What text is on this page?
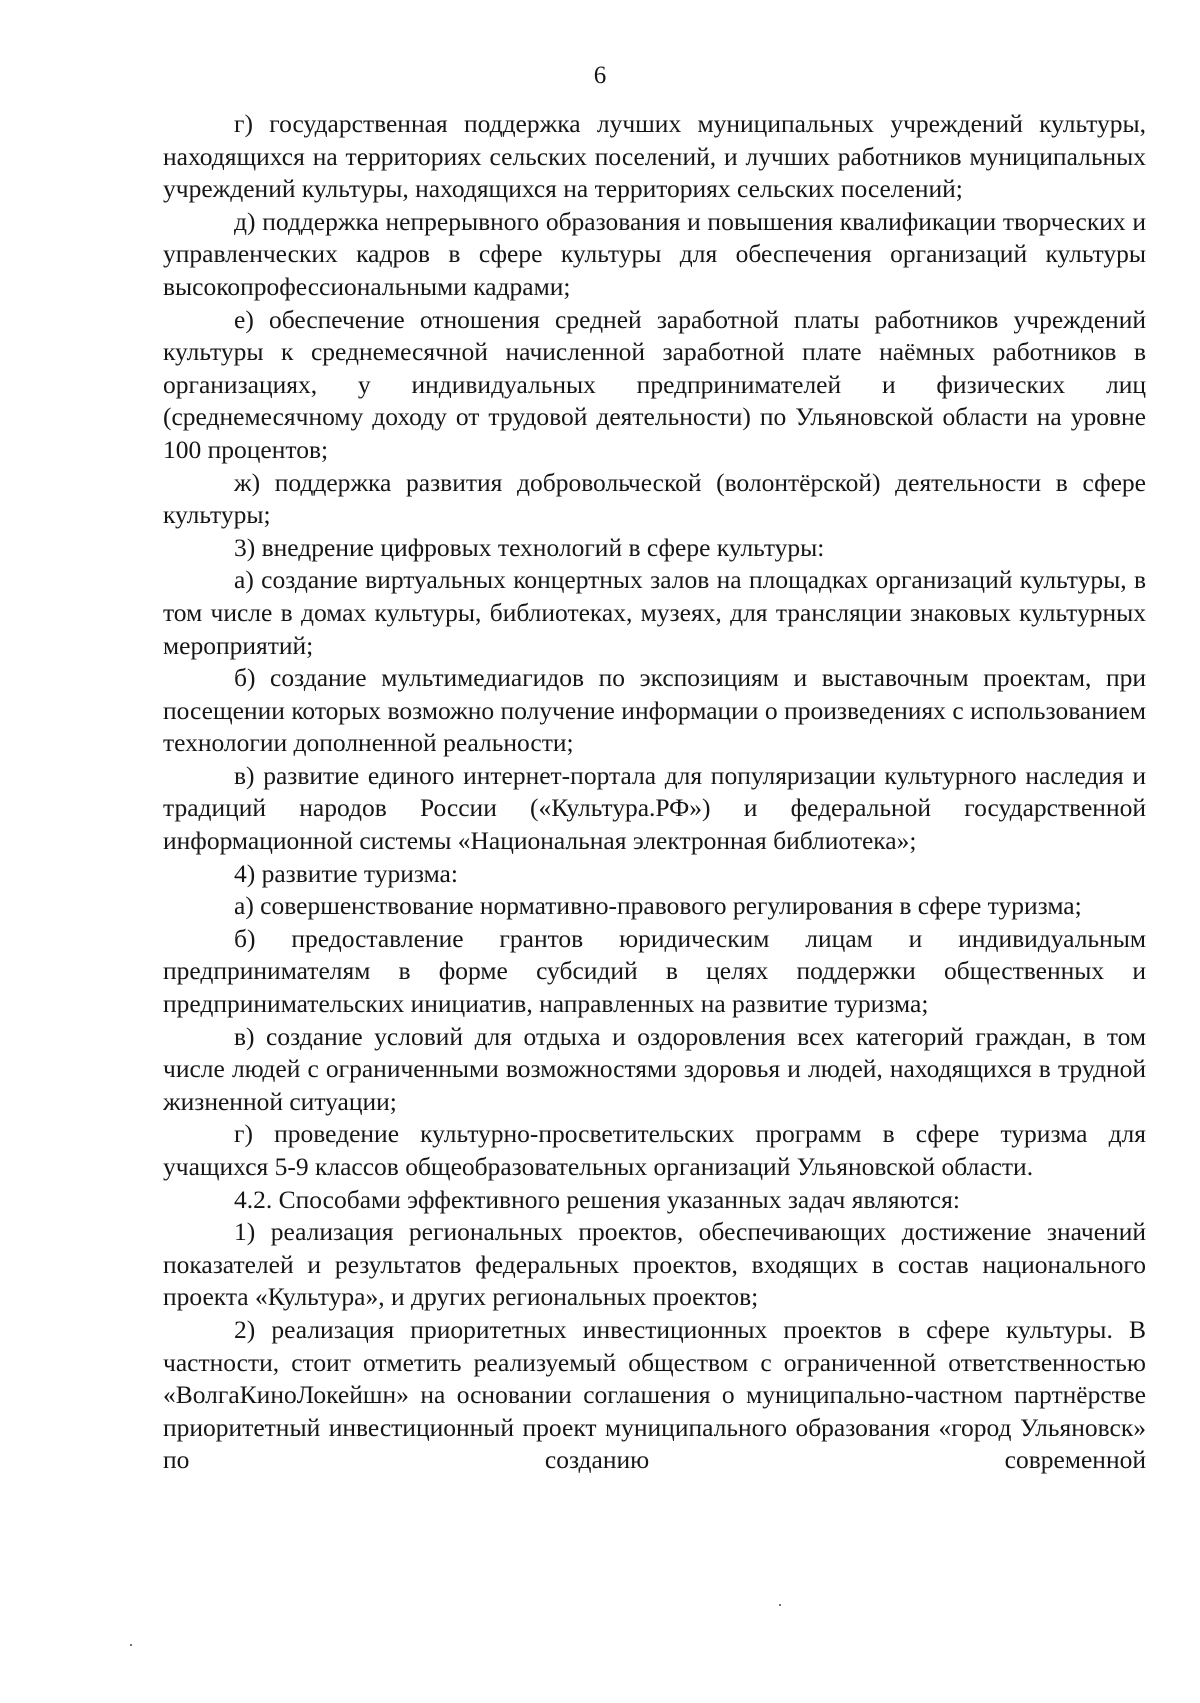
6

г) государственная поддержка лучших муниципальных учреждений культуры, находящихся на территориях сельских поселений, и лучших работников муниципальных учреждений культуры, находящихся на территориях сельских поселений;

д) поддержка непрерывного образования и повышения квалификации творческих и управленческих кадров в сфере культуры для обеспечения организаций культуры высокопрофессиональными кадрами;

е) обеспечение отношения средней заработной платы работников учреждений культуры к среднемесячной начисленной заработной плате наёмных работников в организациях, у индивидуальных предпринимателей и физических лиц (среднемесячному доходу от трудовой деятельности) по Ульяновской области на уровне 100 процентов;

ж) поддержка развития добровольческой (волонтёрской) деятельности в сфере культуры;

3) внедрение цифровых технологий в сфере культуры:

а) создание виртуальных концертных залов на площадках организаций культуры, в том числе в домах культуры, библиотеках, музеях, для трансляции знаковых культурных мероприятий;

б) создание мультимедиагидов по экспозициям и выставочным проектам, при посещении которых возможно получение информации о произведениях с использованием технологии дополненной реальности;

в) развитие единого интернет-портала для популяризации культурного наследия и традиций народов России («Культура.РФ») и федеральной государственной информационной системы «Национальная электронная библиотека»;

4) развитие туризма:

а) совершенствование нормативно-правового регулирования в сфере туризма;

б) предоставление грантов юридическим лицам и индивидуальным предпринимателям в форме субсидий в целях поддержки общественных и предпринимательских инициатив, направленных на развитие туризма;

в) создание условий для отдыха и оздоровления всех категорий граждан, в том числе людей с ограниченными возможностями здоровья и людей, находящихся в трудной жизненной ситуации;

г) проведение культурно-просветительских программ в сфере туризма для учащихся 5-9 классов общеобразовательных организаций Ульяновской области.

4.2. Способами эффективного решения указанных задач являются:

1) реализация региональных проектов, обеспечивающих достижение значений показателей и результатов федеральных проектов, входящих в состав национального проекта «Культура», и других региональных проектов;

2) реализация приоритетных инвестиционных проектов в сфере культуры. В частности, стоит отметить реализуемый обществом с ограниченной ответственностью «ВолгаКиноЛокейшн» на основании соглашения о муниципально-частном партнёрстве приоритетный инвестиционный проект муниципального образования «город Ульяновск» по созданию современной
